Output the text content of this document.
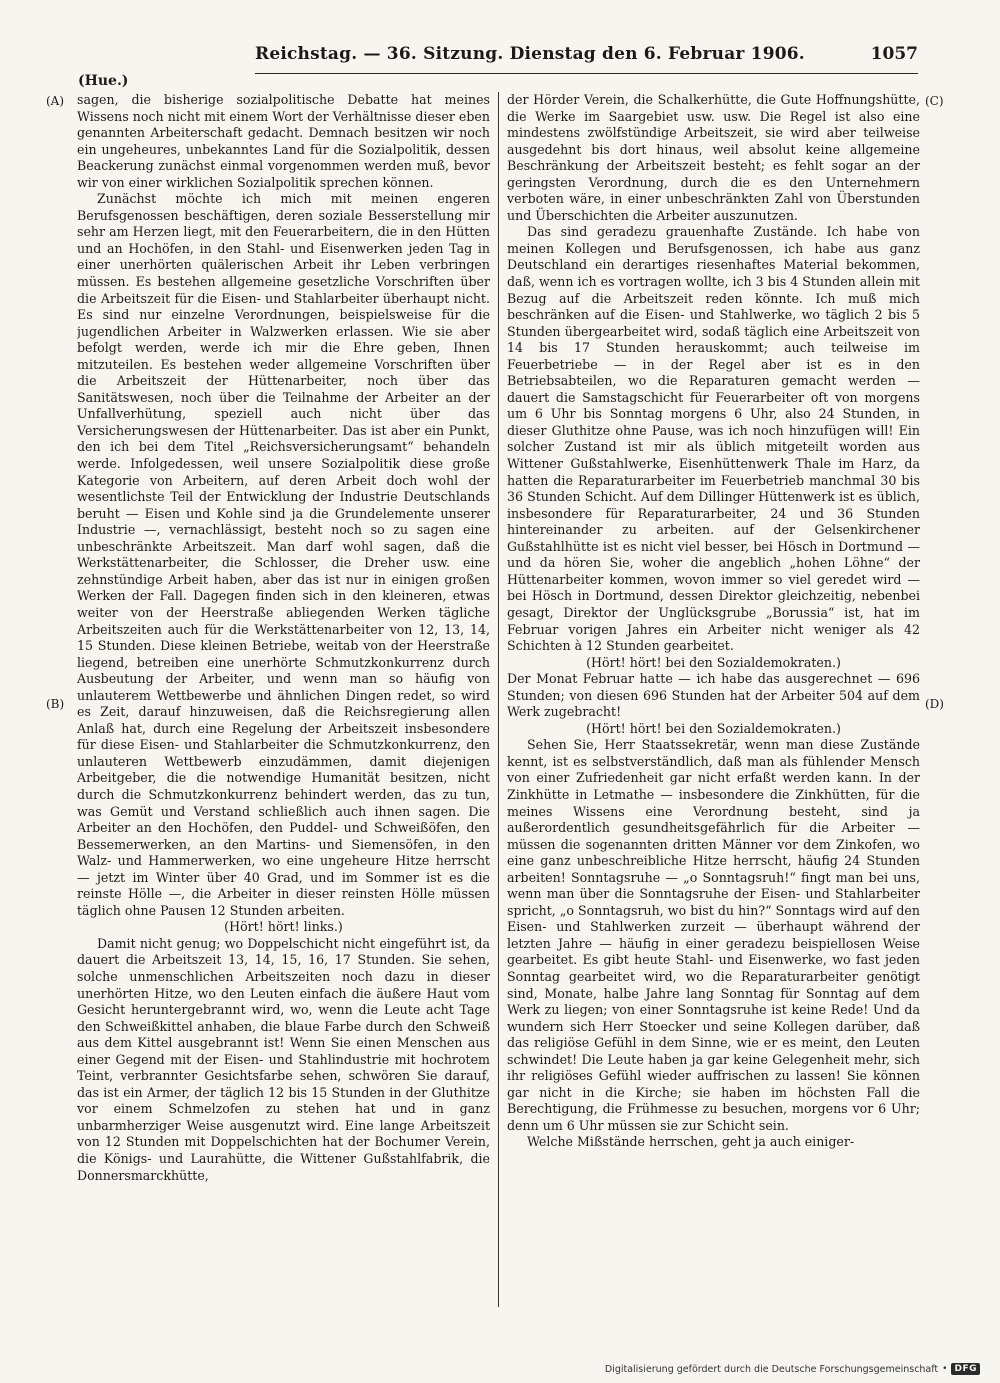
Reichstag. — 36. Sitzung. Dienstag den 6. Februar 1906.	1057
(Hue.)
(A)
(B)
(C)
(D)

sagen, die bisherige sozialpolitische Debatte hat meines Wissens noch nicht mit einem Wort der Verhältnisse dieser eben genannten Arbeiterschaft gedacht. Demnach besitzen wir noch ein ungeheures, unbekanntes Land für die Sozialpolitik, dessen Beackerung zunächst einmal vorgenommen werden muß, bevor wir von einer wirklichen Sozialpolitik sprechen können.

Zunächst möchte ich mich mit meinen engeren Berufsgenossen beschäftigen, deren soziale Besserstellung mir sehr am Herzen liegt, mit den Feuerarbeitern, die in den Hütten und an Hochöfen, in den Stahl- und Eisenwerken jeden Tag in einer unerhörten quälerischen Arbeit ihr Leben verbringen müssen. Es bestehen allgemeine gesetzliche Vorschriften über die Arbeitszeit für die Eisen- und Stahlarbeiter überhaupt nicht. Es sind nur einzelne Verordnungen, beispielsweise für die jugendlichen Arbeiter in Walzwerken erlassen. Wie sie aber befolgt werden, werde ich mir die Ehre geben, Ihnen mitzuteilen. Es bestehen weder allgemeine Vorschriften über die Arbeitszeit der Hüttenarbeiter, noch über das Sanitätswesen, noch über die Teilnahme der Arbeiter an der Unfallverhütung, speziell auch nicht über das Versicherungswesen der Hüttenarbeiter. Das ist aber ein Punkt, den ich bei dem Titel „Reichsversicherungsamt“ behandeln werde. Infolgedessen, weil unsere Sozialpolitik diese große Kategorie von Arbeitern, auf deren Arbeit doch wohl der wesentlichste Teil der Entwicklung der Industrie Deutschlands beruht — Eisen und Kohle sind ja die Grundelemente unserer Industrie —, vernachlässigt, besteht noch so zu sagen eine unbeschränkte Arbeitszeit. Man darf wohl sagen, daß die Werkstättenarbeiter, die Schlosser, die Dreher usw. eine zehnstündige Arbeit haben, aber das ist nur in einigen großen Werken der Fall. Dagegen finden sich in den kleineren, etwas weiter von der Heerstraße abliegenden Werken tägliche Arbeitszeiten auch für die Werkstättenarbeiter von 12, 13, 14, 15 Stunden. Diese kleinen Betriebe, weitab von der Heerstraße liegend, betreiben eine unerhörte Schmutzkonkurrenz durch Ausbeutung der Arbeiter, und wenn man so häufig von unlauterem Wettbewerbe und ähnlichen Dingen redet, so wird es Zeit, darauf hinzuweisen, daß die Reichsregierung allen Anlaß hat, durch eine Regelung der Arbeitszeit insbesondere für diese Eisen- und Stahlarbeiter die Schmutzkonkurrenz, den unlauteren Wettbewerb einzudämmen, damit diejenigen Arbeitgeber, die die notwendige Humanität besitzen, nicht durch die Schmutzkonkurrenz behindert werden, das zu tun, was Gemüt und Verstand schließlich auch ihnen sagen. Die Arbeiter an den Hochöfen, den Puddel- und Schweißöfen, den Bessemerwerken, an den Martins- und Siemensöfen, in den Walz- und Hammerwerken, wo eine ungeheure Hitze herrscht — jetzt im Winter über 40 Grad, und im Sommer ist es die reinste Hölle —, die Arbeiter in dieser reinsten Hölle müssen täglich ohne Pausen 12 Stunden arbeiten.

(Hört! hört! links.)

Damit nicht genug; wo Doppelschicht nicht eingeführt ist, da dauert die Arbeitszeit 13, 14, 15, 16, 17 Stunden. Sie sehen, solche unmenschlichen Arbeitszeiten noch dazu in dieser unerhörten Hitze, wo den Leuten einfach die äußere Haut vom Gesicht heruntergebrannt wird, wo, wenn die Leute acht Tage den Schweißkittel anhaben, die blaue Farbe durch den Schweiß aus dem Kittel ausgebrannt ist! Wenn Sie einen Menschen aus einer Gegend mit der Eisen- und Stahlindustrie mit hochrotem Teint, verbrannter Gesichtsfarbe sehen, schwören Sie darauf, das ist ein Armer, der täglich 12 bis 15 Stunden in der Gluthitze vor einem Schmelzofen zu stehen hat und in ganz unbarmherziger Weise ausgenutzt wird. Eine lange Arbeitszeit von 12 Stunden mit Doppelschichten hat der Bochumer Verein, die Königs- und Laurahütte, die Wittener Gußstahlfabrik, die Donnersmarckhütte,

der Hörder Verein, die Schalkerhütte, die Gute Hoffnungshütte, die Werke im Saargebiet usw. usw. Die Regel ist also eine mindestens zwölfstündige Arbeitszeit, sie wird aber teilweise ausgedehnt bis dort hinaus, weil absolut keine allgemeine Beschränkung der Arbeitszeit besteht; es fehlt sogar an der geringsten Verordnung, durch die es den Unternehmern verboten wäre, in einer unbeschränkten Zahl von Überstunden und Überschichten die Arbeiter auszunutzen.

Das sind geradezu grauenhafte Zustände. Ich habe von meinen Kollegen und Berufsgenossen, ich habe aus ganz Deutschland ein derartiges riesenhaftes Material bekommen, daß, wenn ich es vortragen wollte, ich 3 bis 4 Stunden allein mit Bezug auf die Arbeitszeit reden könnte. Ich muß mich beschränken auf die Eisen- und Stahlwerke, wo täglich 2 bis 5 Stunden übergearbeitet wird, sodaß täglich eine Arbeitszeit von 14 bis 17 Stunden herauskommt; auch teilweise im Feuerbetriebe — in der Regel aber ist es in den Betriebsabteilen, wo die Reparaturen gemacht werden — dauert die Samstagschicht für Feuerarbeiter oft von morgens um 6 Uhr bis Sonntag morgens 6 Uhr, also 24 Stunden, in dieser Gluthitze ohne Pause, was ich noch hinzufügen will! Ein solcher Zustand ist mir als üblich mitgeteilt worden aus Wittener Gußstahlwerke, Eisenhüttenwerk Thale im Harz, da hatten die Reparaturarbeiter im Feuerbetrieb manchmal 30 bis 36 Stunden Schicht. Auf dem Dillinger Hüttenwerk ist es üblich, insbesondere für Reparaturarbeiter, 24 und 36 Stunden hintereinander zu arbeiten. auf der Gelsenkirchener Gußstahlhütte ist es nicht viel besser, bei Hösch in Dortmund — und da hören Sie, woher die angeblich „hohen Löhne“ der Hüttenarbeiter kommen, wovon immer so viel geredet wird — bei Hösch in Dortmund, dessen Direktor gleichzeitig, nebenbei gesagt, Direktor der Unglücksgrube „Borussia“ ist, hat im Februar vorigen Jahres ein Arbeiter nicht weniger als 42 Schichten à 12 Stunden gearbeitet.

(Hört! hört! bei den Sozialdemokraten.)

Der Monat Februar hatte — ich habe das ausgerechnet — 696 Stunden; von diesen 696 Stunden hat der Arbeiter 504 auf dem Werk zugebracht!

(Hört! hört! bei den Sozialdemokraten.)

Sehen Sie, Herr Staatssekretär, wenn man diese Zustände kennt, ist es selbstverständlich, daß man als fühlender Mensch von einer Zufriedenheit gar nicht erfaßt werden kann. In der Zinkhütte in Letmathe — insbesondere die Zinkhütten, für die meines Wissens eine Verordnung besteht, sind ja außerordentlich gesundheitsgefährlich für die Arbeiter — müssen die sogenannten dritten Männer vor dem Zinkofen, wo eine ganz unbeschreibliche Hitze herrscht, häufig 24 Stunden arbeiten! Sonntagsruhe — „o Sonntagsruh!“ fingt man bei uns, wenn man über die Sonntagsruhe der Eisen- und Stahlarbeiter spricht, „o Sonntagsruh, wo bist du hin?“ Sonntags wird auf den Eisen- und Stahlwerken zurzeit — überhaupt während der letzten Jahre — häufig in einer geradezu beispiellosen Weise gearbeitet. Es gibt heute Stahl- und Eisenwerke, wo fast jeden Sonntag gearbeitet wird, wo die Reparaturarbeiter genötigt sind, Monate, halbe Jahre lang Sonntag für Sonntag auf dem Werk zu liegen; von einer Sonntagsruhe ist keine Rede! Und da wundern sich Herr Stoecker und seine Kollegen darüber, daß das religiöse Gefühl in dem Sinne, wie er es meint, den Leuten schwindet! Die Leute haben ja gar keine Gelegenheit mehr, sich ihr religiöses Gefühl wieder auffrischen zu lassen! Sie können gar nicht in die Kirche; sie haben im höchsten Fall die Berechtigung, die Frühmesse zu besuchen, morgens vor 6 Uhr; denn um 6 Uhr müssen sie zur Schicht sein.

Welche Mißstände herrschen, geht ja auch einiger-

Digitalisierung gefördert durch die Deutsche Forschungsgemeinschaft • DFG
